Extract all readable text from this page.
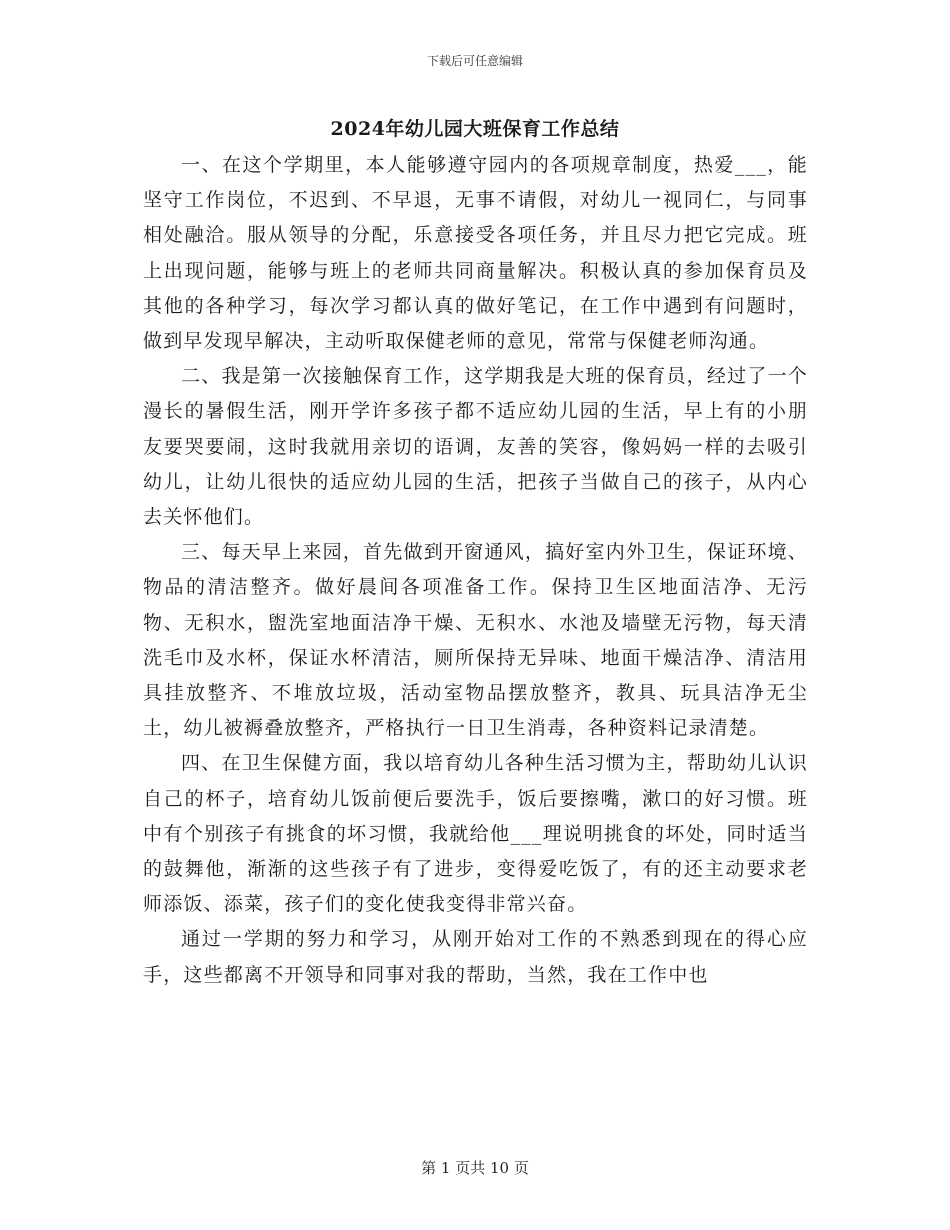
下载后可任意编辑
2024年幼儿园大班保育工作总结

一、在这个学期里，本人能够遵守园内的各项规章制度，热爱___，能坚守工作岗位，不迟到、不早退，无事不请假，对幼儿一视同仁，与同事相处融洽。服从领导的分配，乐意接受各项任务，并且尽力把它完成。班上出现问题，能够与班上的老师共同商量解决。积极认真的参加保育员及其他的各种学习，每次学习都认真的做好笔记，在工作中遇到有问题时，做到早发现早解决，主动听取保健老师的意见，常常与保健老师沟通。

二、我是第一次接触保育工作，这学期我是大班的保育员，经过了一个漫长的暑假生活，刚开学许多孩子都不适应幼儿园的生活，早上有的小朋友要哭要闹，这时我就用亲切的语调，友善的笑容，像妈妈一样的去吸引幼儿，让幼儿很快的适应幼儿园的生活，把孩子当做自己的孩子，从内心去关怀他们。

三、每天早上来园，首先做到开窗通风，搞好室内外卫生，保证环境、物品的清洁整齐。做好晨间各项准备工作。保持卫生区地面洁净、无污物、无积水，盥洗室地面洁净干燥、无积水、水池及墙壁无污物，每天清洗毛巾及水杯，保证水杯清洁，厕所保持无异味、地面干燥洁净、清洁用具挂放整齐、不堆放垃圾，活动室物品摆放整齐，教具、玩具洁净无尘土，幼儿被褥叠放整齐，严格执行一日卫生消毒，各种资料记录清楚。

四、在卫生保健方面，我以培育幼儿各种生活习惯为主，帮助幼儿认识自己的杯子，培育幼儿饭前便后要洗手，饭后要擦嘴，漱口的好习惯。班中有个别孩子有挑食的坏习惯，我就给他___理说明挑食的坏处，同时适当的鼓舞他，渐渐的这些孩子有了进步，变得爱吃饭了，有的还主动要求老师添饭、添菜，孩子们的变化使我变得非常兴奋。

通过一学期的努力和学习，从刚开始对工作的不熟悉到现在的得心应手，这些都离不开领导和同事对我的帮助，当然，我在工作中也

第 1 页共 10 页
